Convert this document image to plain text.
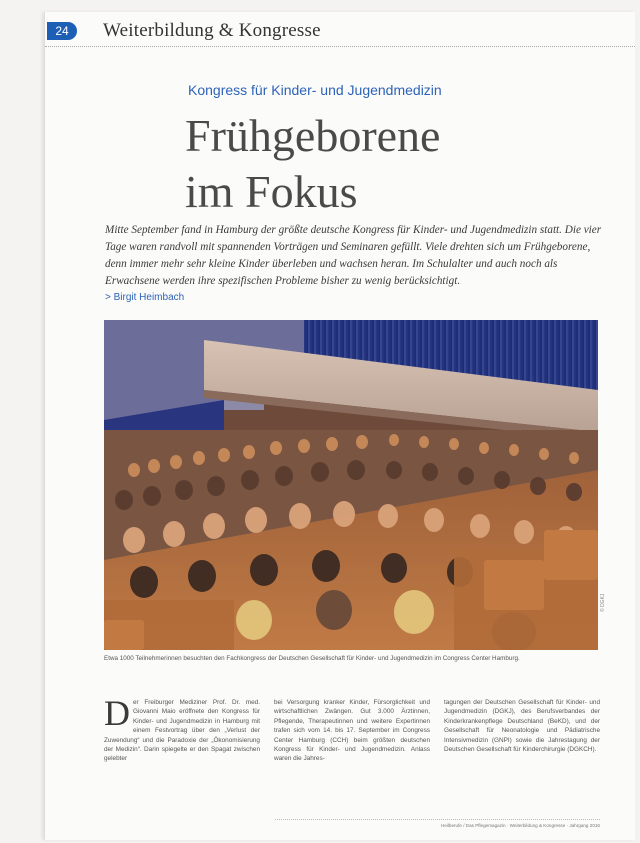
24	Weiterbildung & Kongresse
Kongress für Kinder- und Jugendmedizin
Frühgeborene
im Fokus

Mitte September fand in Hamburg der größte deutsche Kongress für Kinder- und Jugendmedizin statt. Die vier Tage waren randvoll mit spannenden Vorträgen und Seminaren gefüllt. Viele drehten sich um Frühgeborene, denn immer mehr sehr kleine Kinder überleben und wachsen heran. Im Schulalter und auch noch als Erwachsene werden ihre spezifischen Probleme bisher zu wenig berücksichtigt.

> Birgit Heimbach
© DGKJ

Etwa 1000 Teilnehmerinnen besuchten den Fachkongress der Deutschen Gesellschaft für Kinder- und Jugendmedizin im Congress Center Hamburg.

Der Freiburger Mediziner Prof. Dr. med. Giovanni Maio eröffnete den Kongress für Kinder- und Jugendmedizin in Hamburg mit einem Festvortrag über den „Verlust der Zuwendung“ und die Paradoxie der „Ökonomisierung der Medizin“. Darin spiegelte er den Spagat zwischen gelebter

bei Versorgung kranker Kinder, Fürsorglichkeit und wirtschaftlichen Zwängen. Gut 3.000 Ärztinnen, Pflegende, Therapeutinnen und weitere Expertinnen trafen sich vom 14. bis 17. September im Congress Center Hamburg (CCH) beim größten deutschen Kongress für Kinder- und Jugendmedizin. Anlass waren die Jahres-

tagungen der Deutschen Gesellschaft für Kinder- und Jugendmedizin (DGKJ), des Berufsverbandes der Kinderkrankenpflege Deutschland (BeKD), und der Gesellschaft für Neonatologie und Pädiatrische Intensivmedizin (GNPI) sowie die Jahrestagung der Deutschen Gesellschaft für Kinderchirurgie (DGKCH).

Heilberufe / Das Pflegemagazin · Weiterbildung & Kongresse · Jahrgang 2016
